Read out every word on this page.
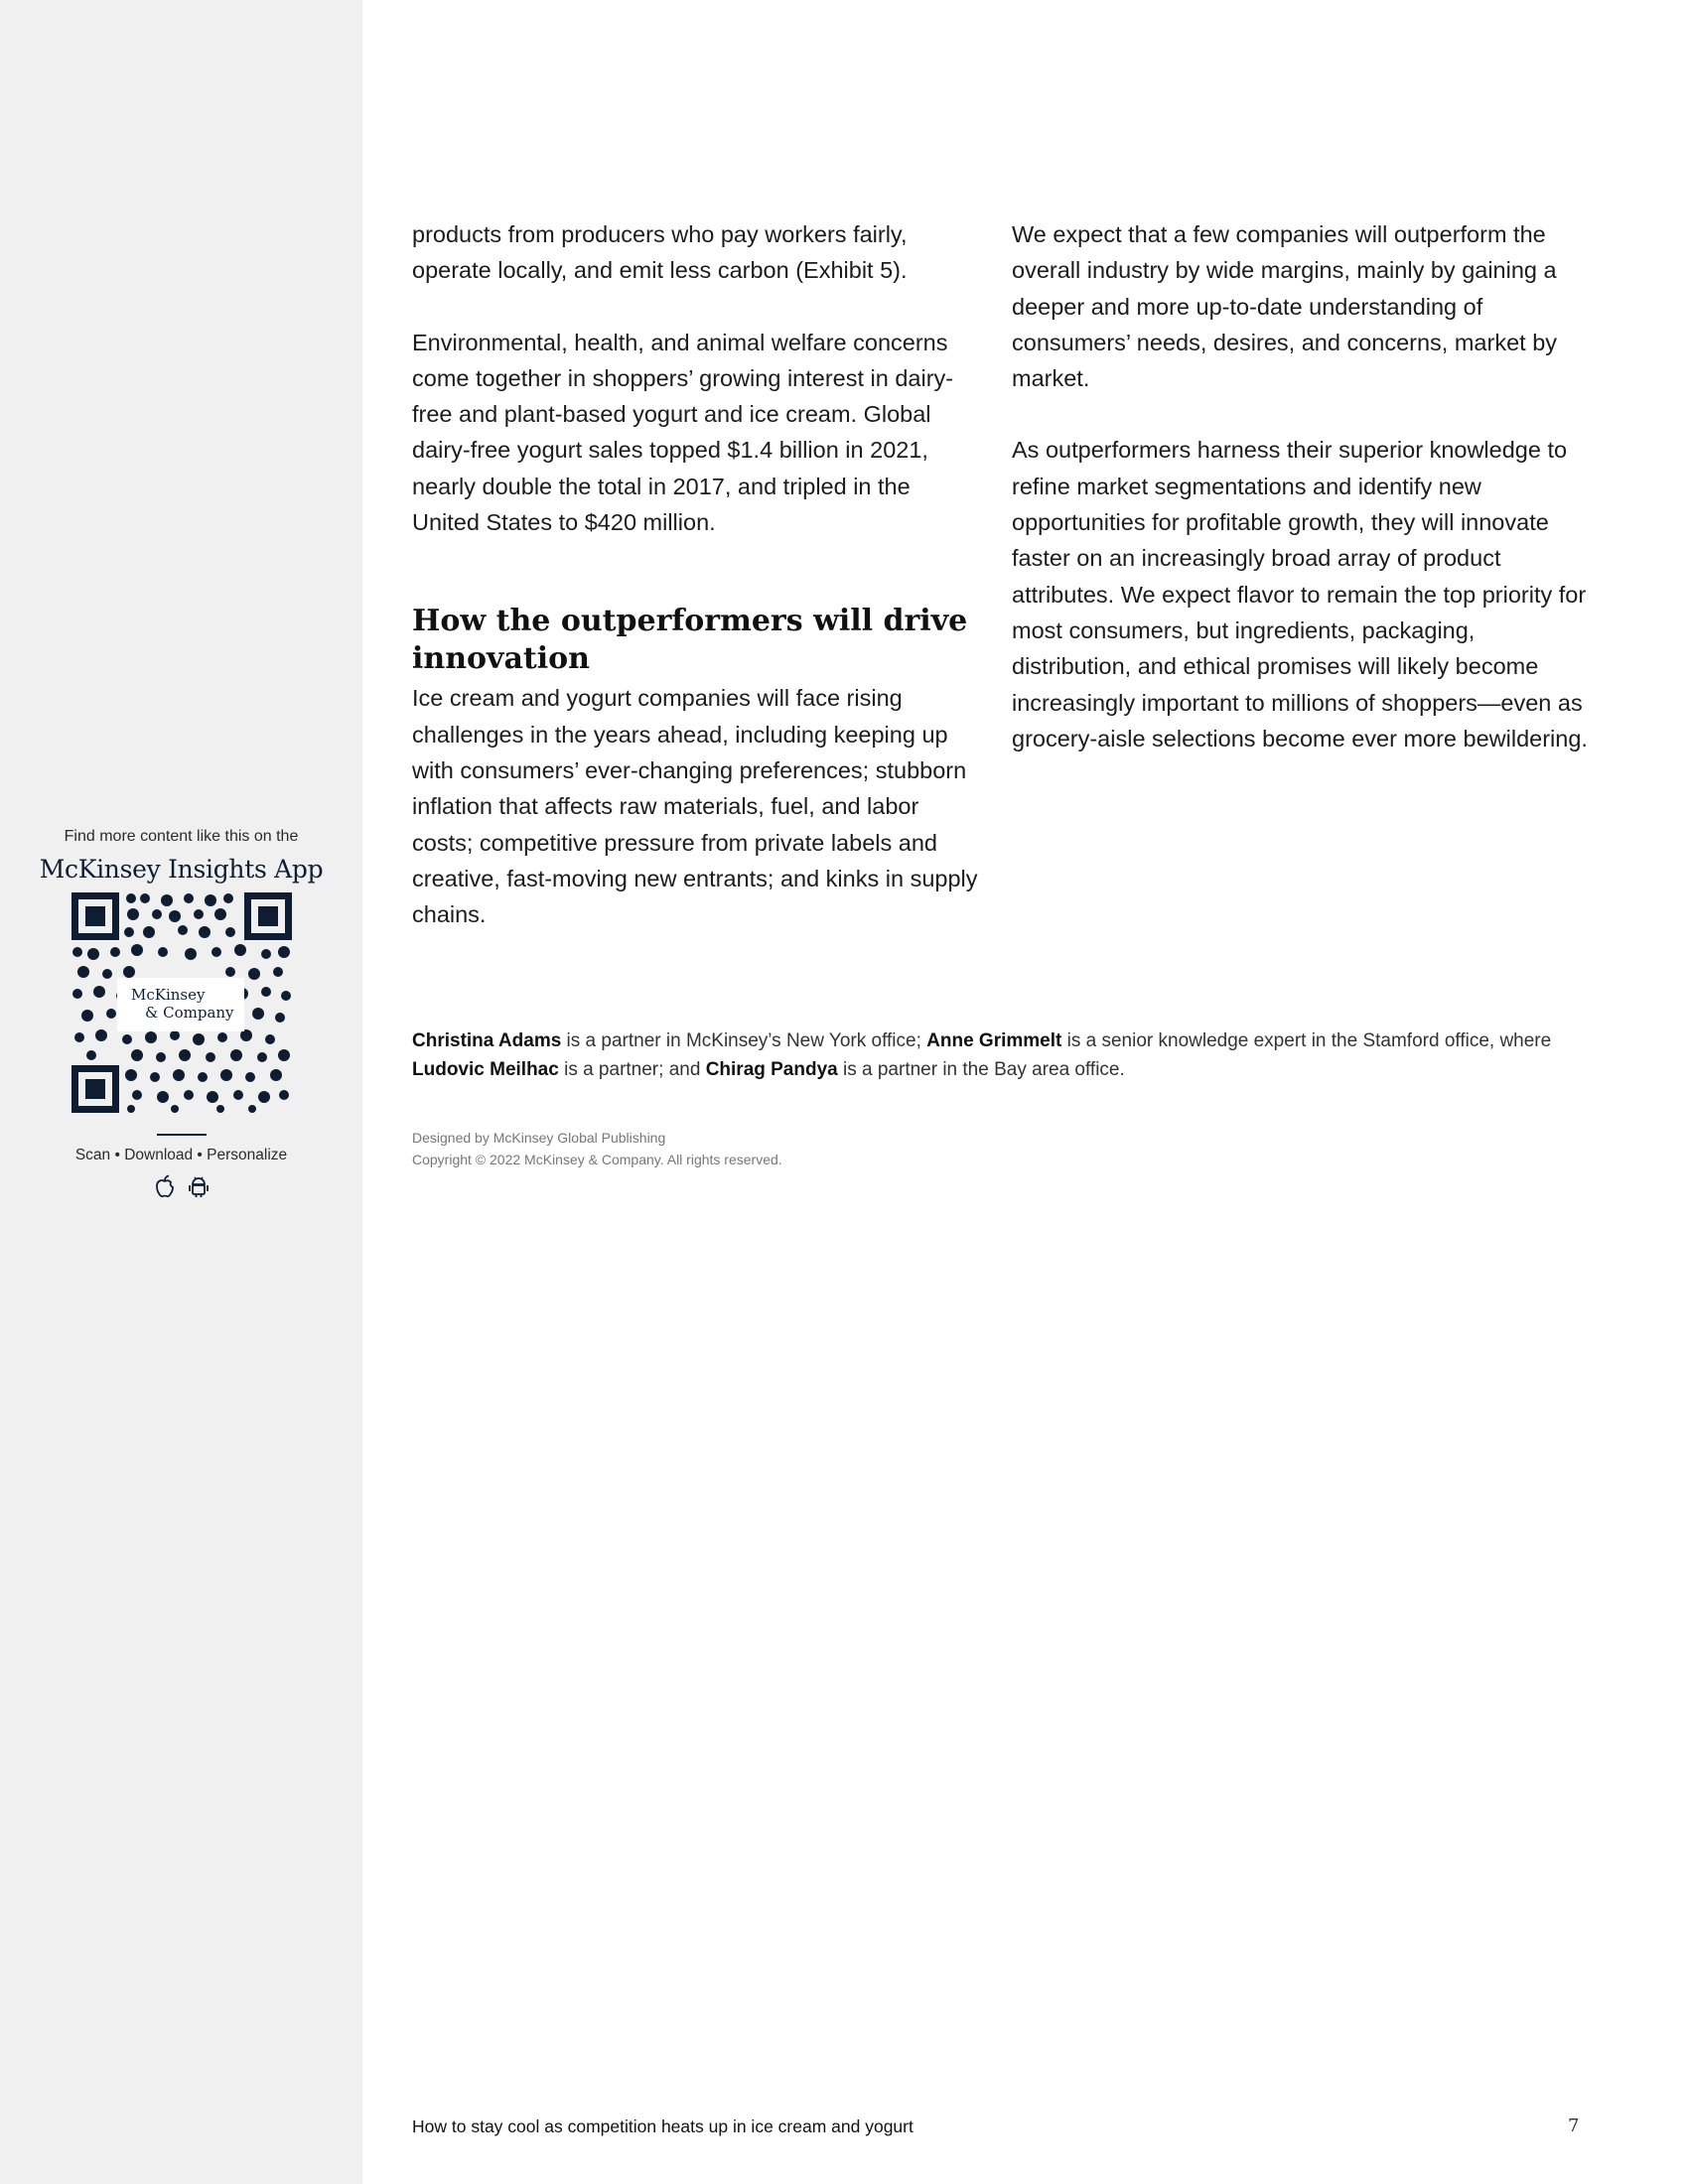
Find more content like this on the
McKinsey Insights App
McKinsey
& Company
Scan • Download • Personalize

products from producers who pay workers fairly, operate locally, and emit less carbon (Exhibit 5).

Environmental, health, and animal welfare concerns come together in shoppers’ growing interest in dairy-free and plant-based yogurt and ice cream. Global dairy-free yogurt sales topped $1.4 billion in 2021, nearly double the total in 2017, and tripled in the United States to $420 million.

How the outperformers will drive innovation

Ice cream and yogurt companies will face rising challenges in the years ahead, including keeping up with consumers’ ever-changing preferences; stubborn inflation that affects raw materials, fuel, and labor costs; competitive pressure from private labels and creative, fast-moving new entrants; and kinks in supply chains.

We expect that a few companies will outperform the overall industry by wide margins, mainly by gaining a deeper and more up-to-date understanding of consumers’ needs, desires, and concerns, market by market.

As outperformers harness their superior knowledge to refine market segmentations and identify new opportunities for profitable growth, they will innovate faster on an increasingly broad array of product attributes. We expect flavor to remain the top priority for most consumers, but ingredients, packaging, distribution, and ethical promises will likely become increasingly important to millions of shoppers—even as grocery-aisle selections become ever more bewildering.

Christina Adams is a partner in McKinsey’s New York office; Anne Grimmelt is a senior knowledge expert in the Stamford office, where Ludovic Meilhac is a partner; and Chirag Pandya is a partner in the Bay area office.
Designed by McKinsey Global Publishing
Copyright © 2022 McKinsey & Company. All rights reserved.
How to stay cool as competition heats up in ice cream and yogurt	7
